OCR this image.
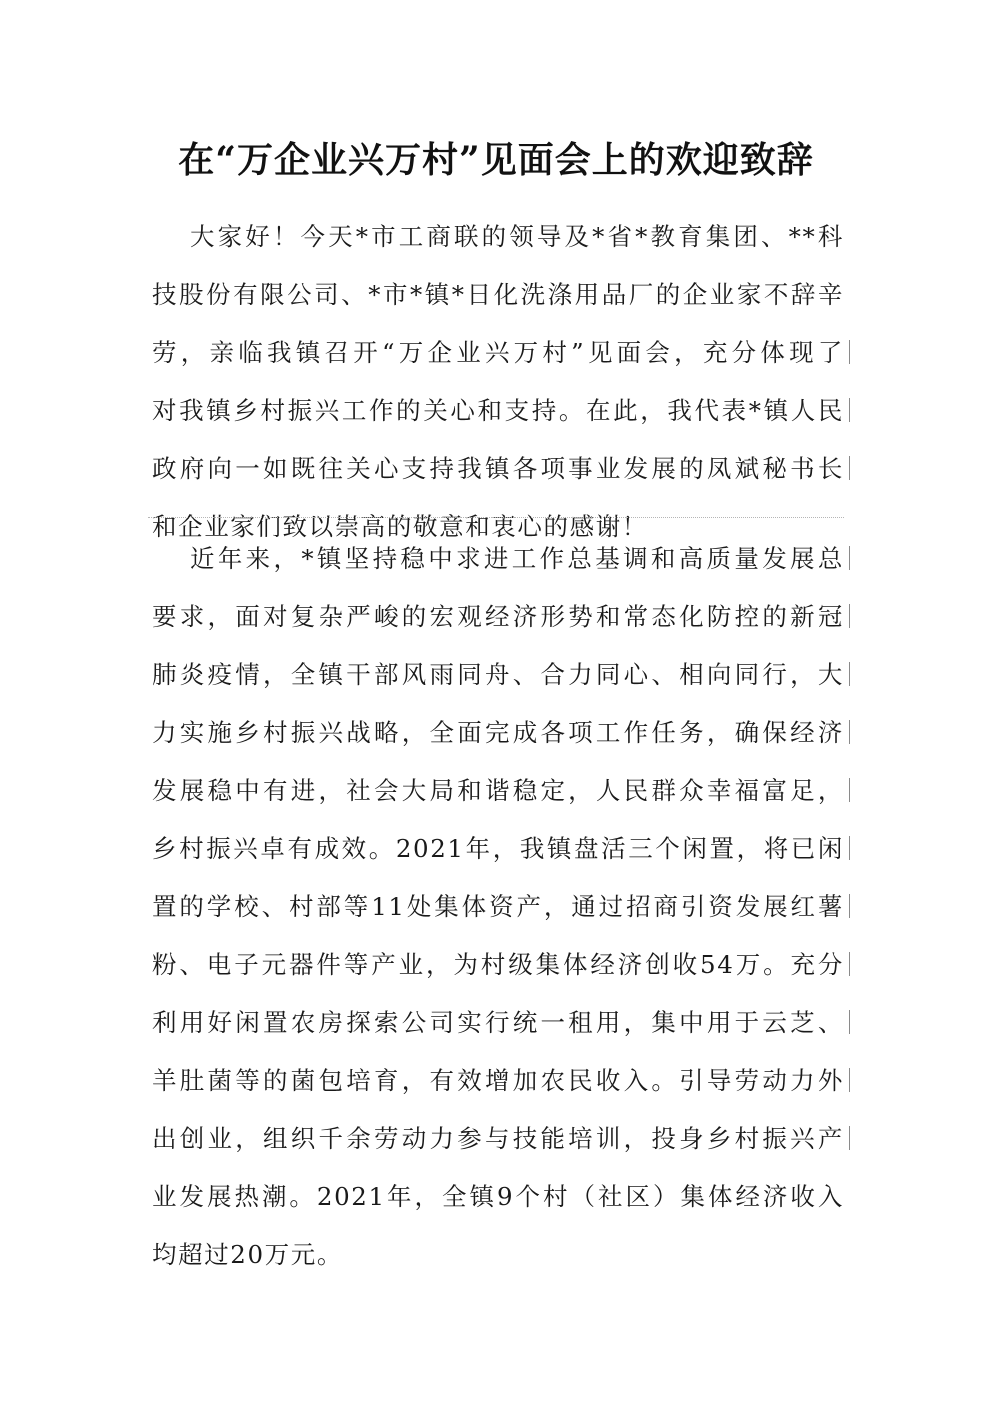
在“万企业兴万村”见面会上的欢迎致辞
大家好！今天*市工商联的领导及*省*教育集团、**科
技股份有限公司、*市*镇*日化洗涤用品厂的企业家不辞辛
劳，亲临我镇召开“万企业兴万村”见面会，充分体现了
对我镇乡村振兴工作的关心和支持。在此，我代表*镇人民
政府向一如既往关心支持我镇各项事业发展的凤斌秘书长
和企业家们致以崇高的敬意和衷心的感谢！
近年来，*镇坚持稳中求进工作总基调和高质量发展总
要求，面对复杂严峻的宏观经济形势和常态化防控的新冠
肺炎疫情，全镇干部风雨同舟、合力同心、相向同行，大
力实施乡村振兴战略，全面完成各项工作任务，确保经济
发展稳中有进，社会大局和谐稳定，人民群众幸福富足，
乡村振兴卓有成效。2021年，我镇盘活三个闲置，将已闲
置的学校、村部等11处集体资产，通过招商引资发展红薯
粉、电子元器件等产业，为村级集体经济创收54万。充分
利用好闲置农房探索公司实行统一租用，集中用于云芝、
羊肚菌等的菌包培育，有效增加农民收入。引导劳动力外
出创业，组织千余劳动力参与技能培训，投身乡村振兴产
业发展热潮。2021年，全镇9个村（社区）集体经济收入
均超过20万元。
